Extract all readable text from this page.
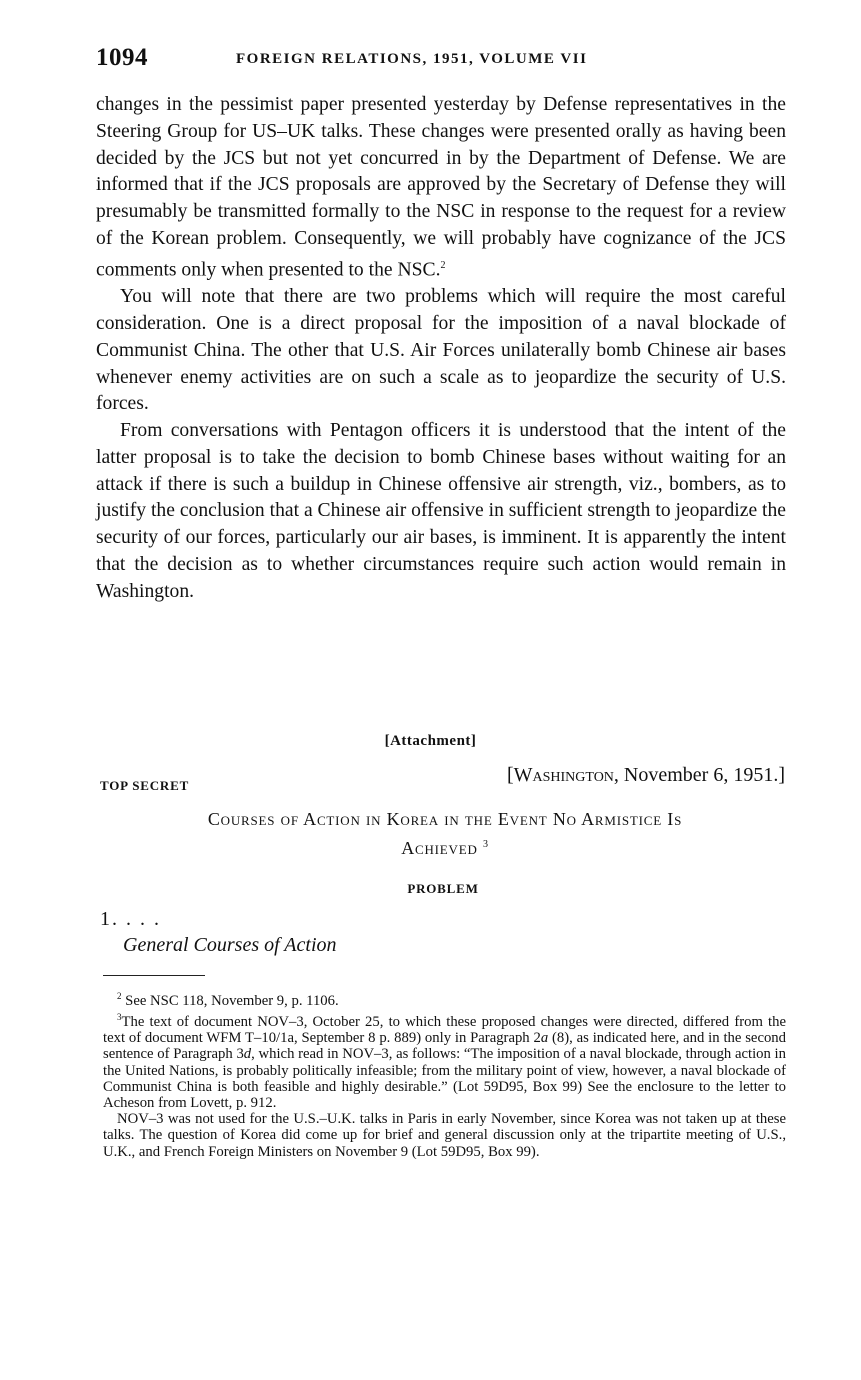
1094	FOREIGN RELATIONS, 1951, VOLUME VII

changes in the pessimist paper presented yesterday by Defense representatives in the Steering Group for US–UK talks. These changes were presented orally as having been decided by the JCS but not yet concurred in by the Department of Defense. We are informed that if the JCS proposals are approved by the Secretary of Defense they will presumably be transmitted formally to the NSC in response to the request for a review of the Korean problem. Consequently, we will probably have cognizance of the JCS comments only when presented to the NSC.$^2$

You will note that there are two problems which will require the most careful consideration. One is a direct proposal for the imposition of a naval blockade of Communist China. The other that U.S. Air Forces unilaterally bomb Chinese air bases whenever enemy activities are on such a scale as to jeopardize the security of U.S. forces.

From conversations with Pentagon officers it is understood that the intent of the latter proposal is to take the decision to bomb Chinese bases without waiting for an attack if there is such a buildup in Chinese offensive air strength, viz., bombers, as to justify the conclusion that a Chinese air offensive in sufficient strength to jeopardize the security of our forces, particularly our air bases, is imminent. It is apparently the intent that the decision as to whether circumstances require such action would remain in Washington.

[Attachment]
TOP SECRET	[Washington, November 6, 1951.]
Courses of Action in Korea in the Event No Armistice Is
Achieved $^3$
PROBLEM
1. . . .
General Courses of Action

$^2$ See NSC 118, November 9, p. 1106.

$^3$The text of document NOV–3, October 25, to which these proposed changes were directed, differed from the text of document WFM T–10/1a, September 8 p. 889) only in Paragraph 2a (8), as indicated here, and in the second sentence of Paragraph 3d, which read in NOV–3, as follows: “The imposition of a naval blockade, through action in the United Nations, is probably politically infeasible; from the military point of view, however, a naval blockade of Communist China is both feasible and highly desirable.” (Lot 59D95, Box 99) See the enclosure to the letter to Acheson from Lovett, p. 912.

NOV–3 was not used for the U.S.–U.K. talks in Paris in early November, since Korea was not taken up at these talks. The question of Korea did come up for brief and general discussion only at the tripartite meeting of U.S., U.K., and French Foreign Ministers on November 9 (Lot 59D95, Box 99).
